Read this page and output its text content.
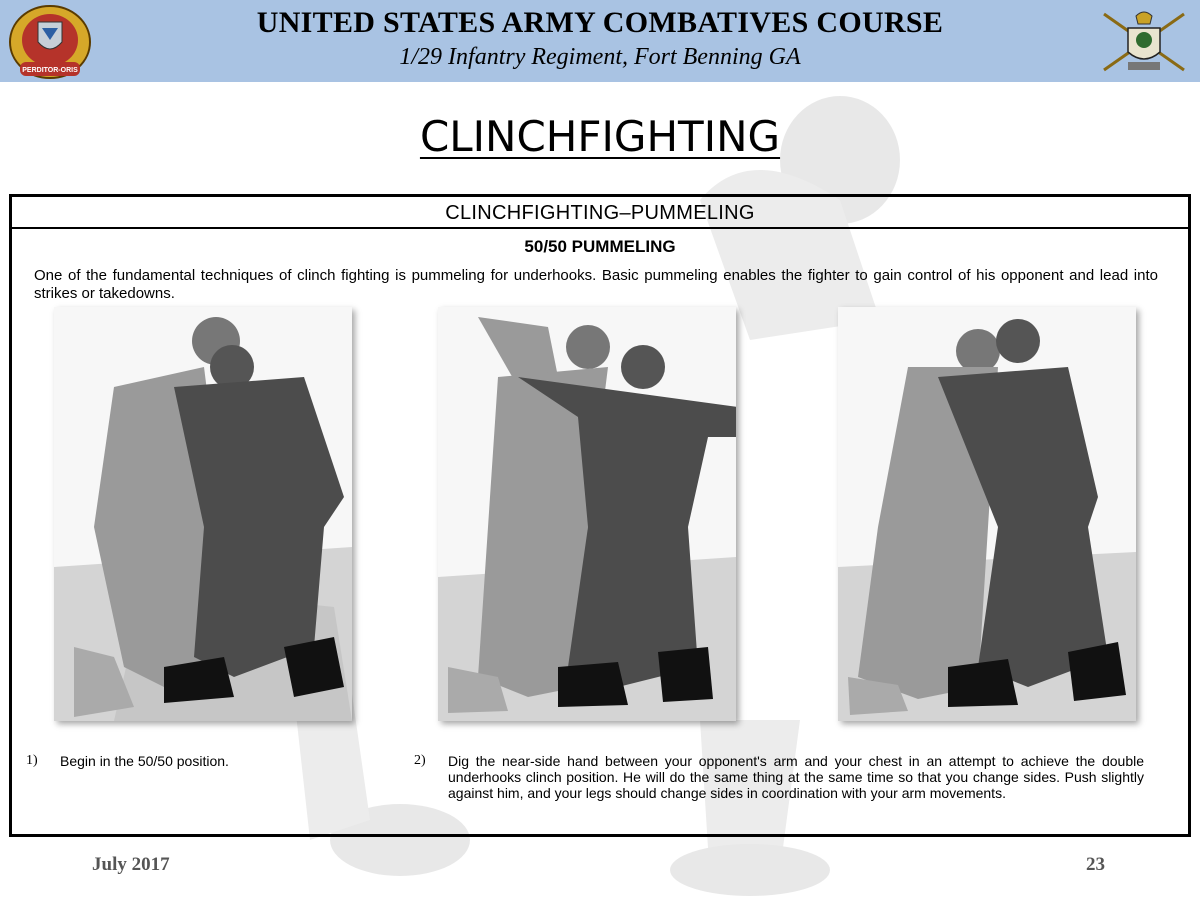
PERDITOR-ORIS
UNITED STATES ARMY COMBATIVES COURSE
1/29 Infantry Regiment, Fort Benning GA
CLINCHFIGHTING
CLINCHFIGHTING–PUMMELING
50/50 PUMMELING
One of the fundamental techniques of clinch fighting is pummeling for underhooks. Basic pummeling enables the fighter to gain control of his opponent and lead into strikes or takedowns.
1) Begin in the 50/50 position.	2) Dig the near-side hand between your opponent's arm and your chest in an attempt to achieve the double underhooks clinch position. He will do the same thing at the same time so that you change sides. Push slightly against him, and your legs should change sides in coordination with your arm movements.
July 2017	23
